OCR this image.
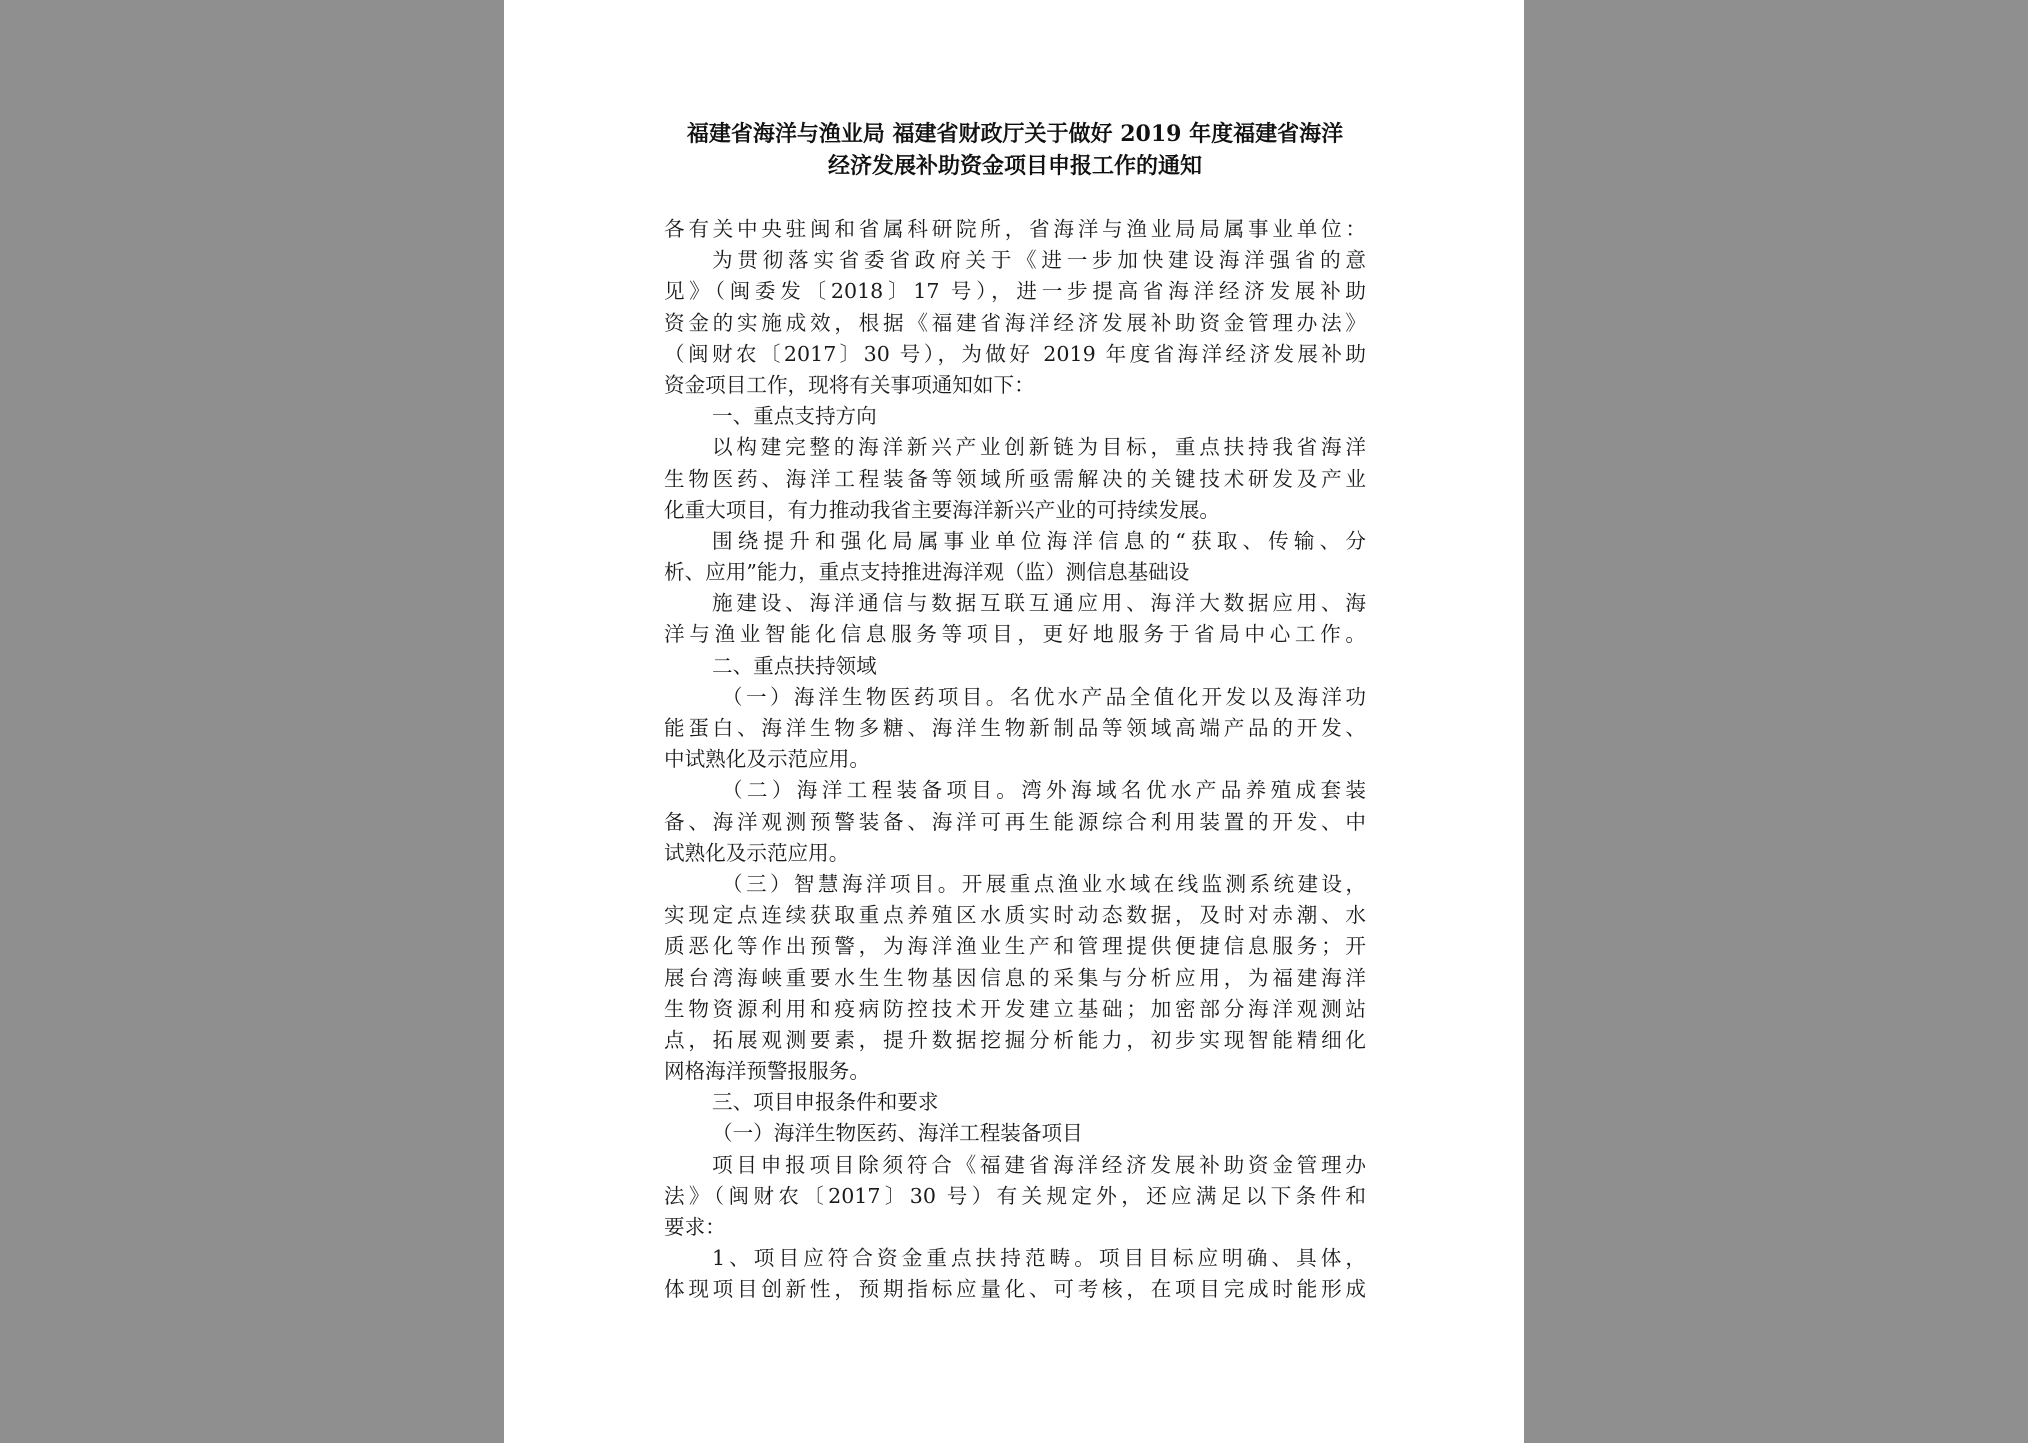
福建省海洋与渔业局 福建省财政厅关于做好 2019 年度福建省海洋
经济发展补助资金项目申报工作的通知
各有关中央驻闽和省属科研院所，省海洋与渔业局局属事业单位：
为贯彻落实省委省政府关于《进一步加快建设海洋强省的意
见》（闽委发〔2018〕17 号），进一步提高省海洋经济发展补助
资金的实施成效，根据《福建省海洋经济发展补助资金管理办法》
（闽财农〔2017〕30 号），为做好 2019 年度省海洋经济发展补助
资金项目工作，现将有关事项通知如下：
一、重点支持方向
以构建完整的海洋新兴产业创新链为目标，重点扶持我省海洋
生物医药、海洋工程装备等领域所亟需解决的关键技术研发及产业
化重大项目，有力推动我省主要海洋新兴产业的可持续发展。
围绕提升和强化局属事业单位海洋信息的“获取、传输、分
析、应用”能力，重点支持推进海洋观（监）测信息基础设
施建设、海洋通信与数据互联互通应用、海洋大数据应用、海
洋与渔业智能化信息服务等项目，更好地服务于省局中心工作。
二、重点扶持领域
（一）海洋生物医药项目。名优水产品全值化开发以及海洋功
能蛋白、海洋生物多糖、海洋生物新制品等领域高端产品的开发、
中试熟化及示范应用。
（二）海洋工程装备项目。湾外海域名优水产品养殖成套装
备、海洋观测预警装备、海洋可再生能源综合利用装置的开发、中
试熟化及示范应用。
（三）智慧海洋项目。开展重点渔业水域在线监测系统建设，
实现定点连续获取重点养殖区水质实时动态数据，及时对赤潮、水
质恶化等作出预警，为海洋渔业生产和管理提供便捷信息服务；开
展台湾海峡重要水生生物基因信息的采集与分析应用，为福建海洋
生物资源利用和疫病防控技术开发建立基础；加密部分海洋观测站
点，拓展观测要素，提升数据挖掘分析能力，初步实现智能精细化
网格海洋预警报服务。
三、项目申报条件和要求
（一）海洋生物医药、海洋工程装备项目
项目申报项目除须符合《福建省海洋经济发展补助资金管理办
法》（闽财农〔2017〕30 号）有关规定外，还应满足以下条件和
要求：
1、项目应符合资金重点扶持范畴。项目目标应明确、具体，
体现项目创新性，预期指标应量化、可考核，在项目完成时能形成
